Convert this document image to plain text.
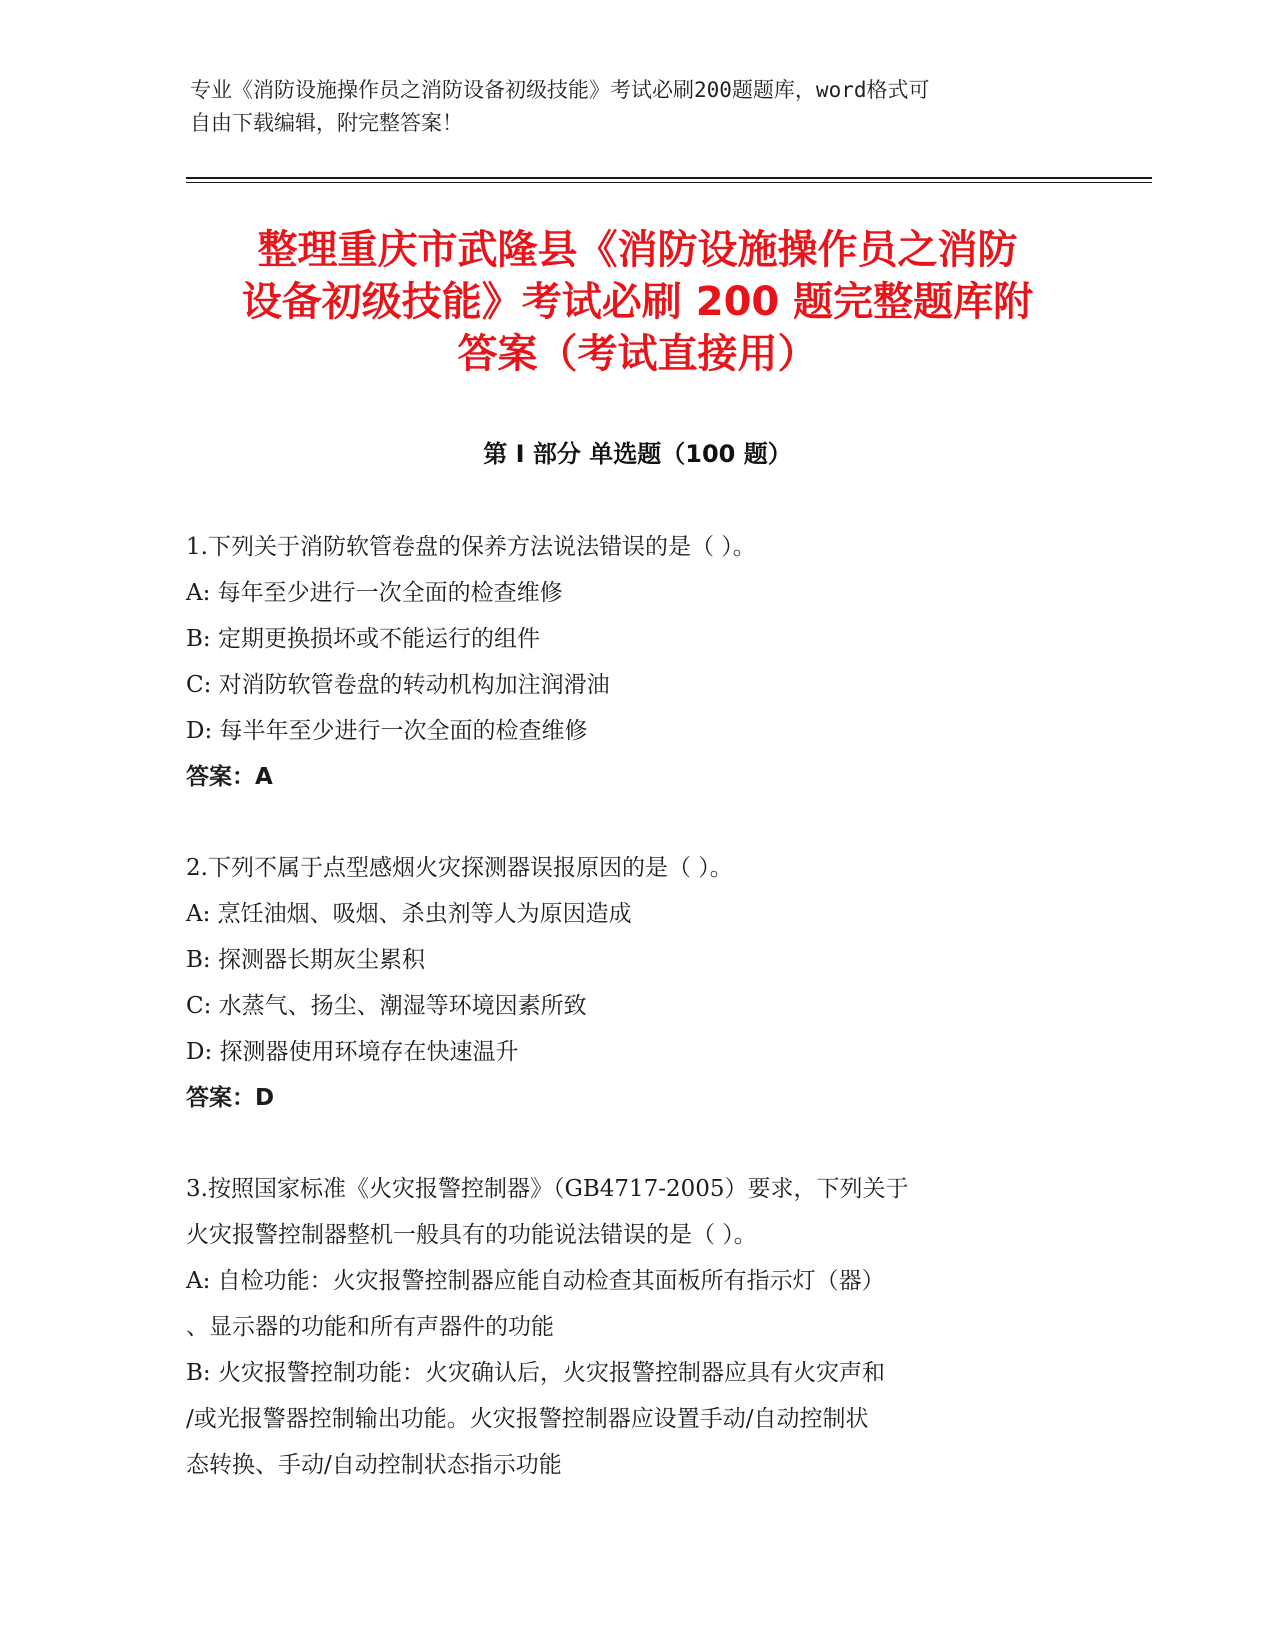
专业《消防设施操作员之消防设备初级技能》考试必刷200题题库，word格式可
自由下载编辑，附完整答案！
整理重庆市武隆县《消防设施操作员之消防
设备初级技能》考试必刷 200 题完整题库附
答案（考试直接用）
第 I 部分 单选题（100 题）
1.下列关于消防软管卷盘的保养方法说法错误的是（ ）。
A: 每年至少进行一次全面的检查维修
B: 定期更换损坏或不能运行的组件
C: 对消防软管卷盘的转动机构加注润滑油
D: 每半年至少进行一次全面的检查维修
答案：A
2.下列不属于点型感烟火灾探测器误报原因的是（ ）。
A: 烹饪油烟、吸烟、杀虫剂等人为原因造成
B: 探测器长期灰尘累积
C: 水蒸气、扬尘、潮湿等环境因素所致
D: 探测器使用环境存在快速温升
答案：D
3.按照国家标准《火灾报警控制器》（GB4717-2005）要求，下列关于
火灾报警控制器整机一般具有的功能说法错误的是（ ）。
A: 自检功能：火灾报警控制器应能自动检查其面板所有指示灯（器）
、显示器的功能和所有声器件的功能
B: 火灾报警控制功能：火灾确认后，火灾报警控制器应具有火灾声和
/或光报警器控制输出功能。火灾报警控制器应设置手动/自动控制状
态转换、手动/自动控制状态指示功能
